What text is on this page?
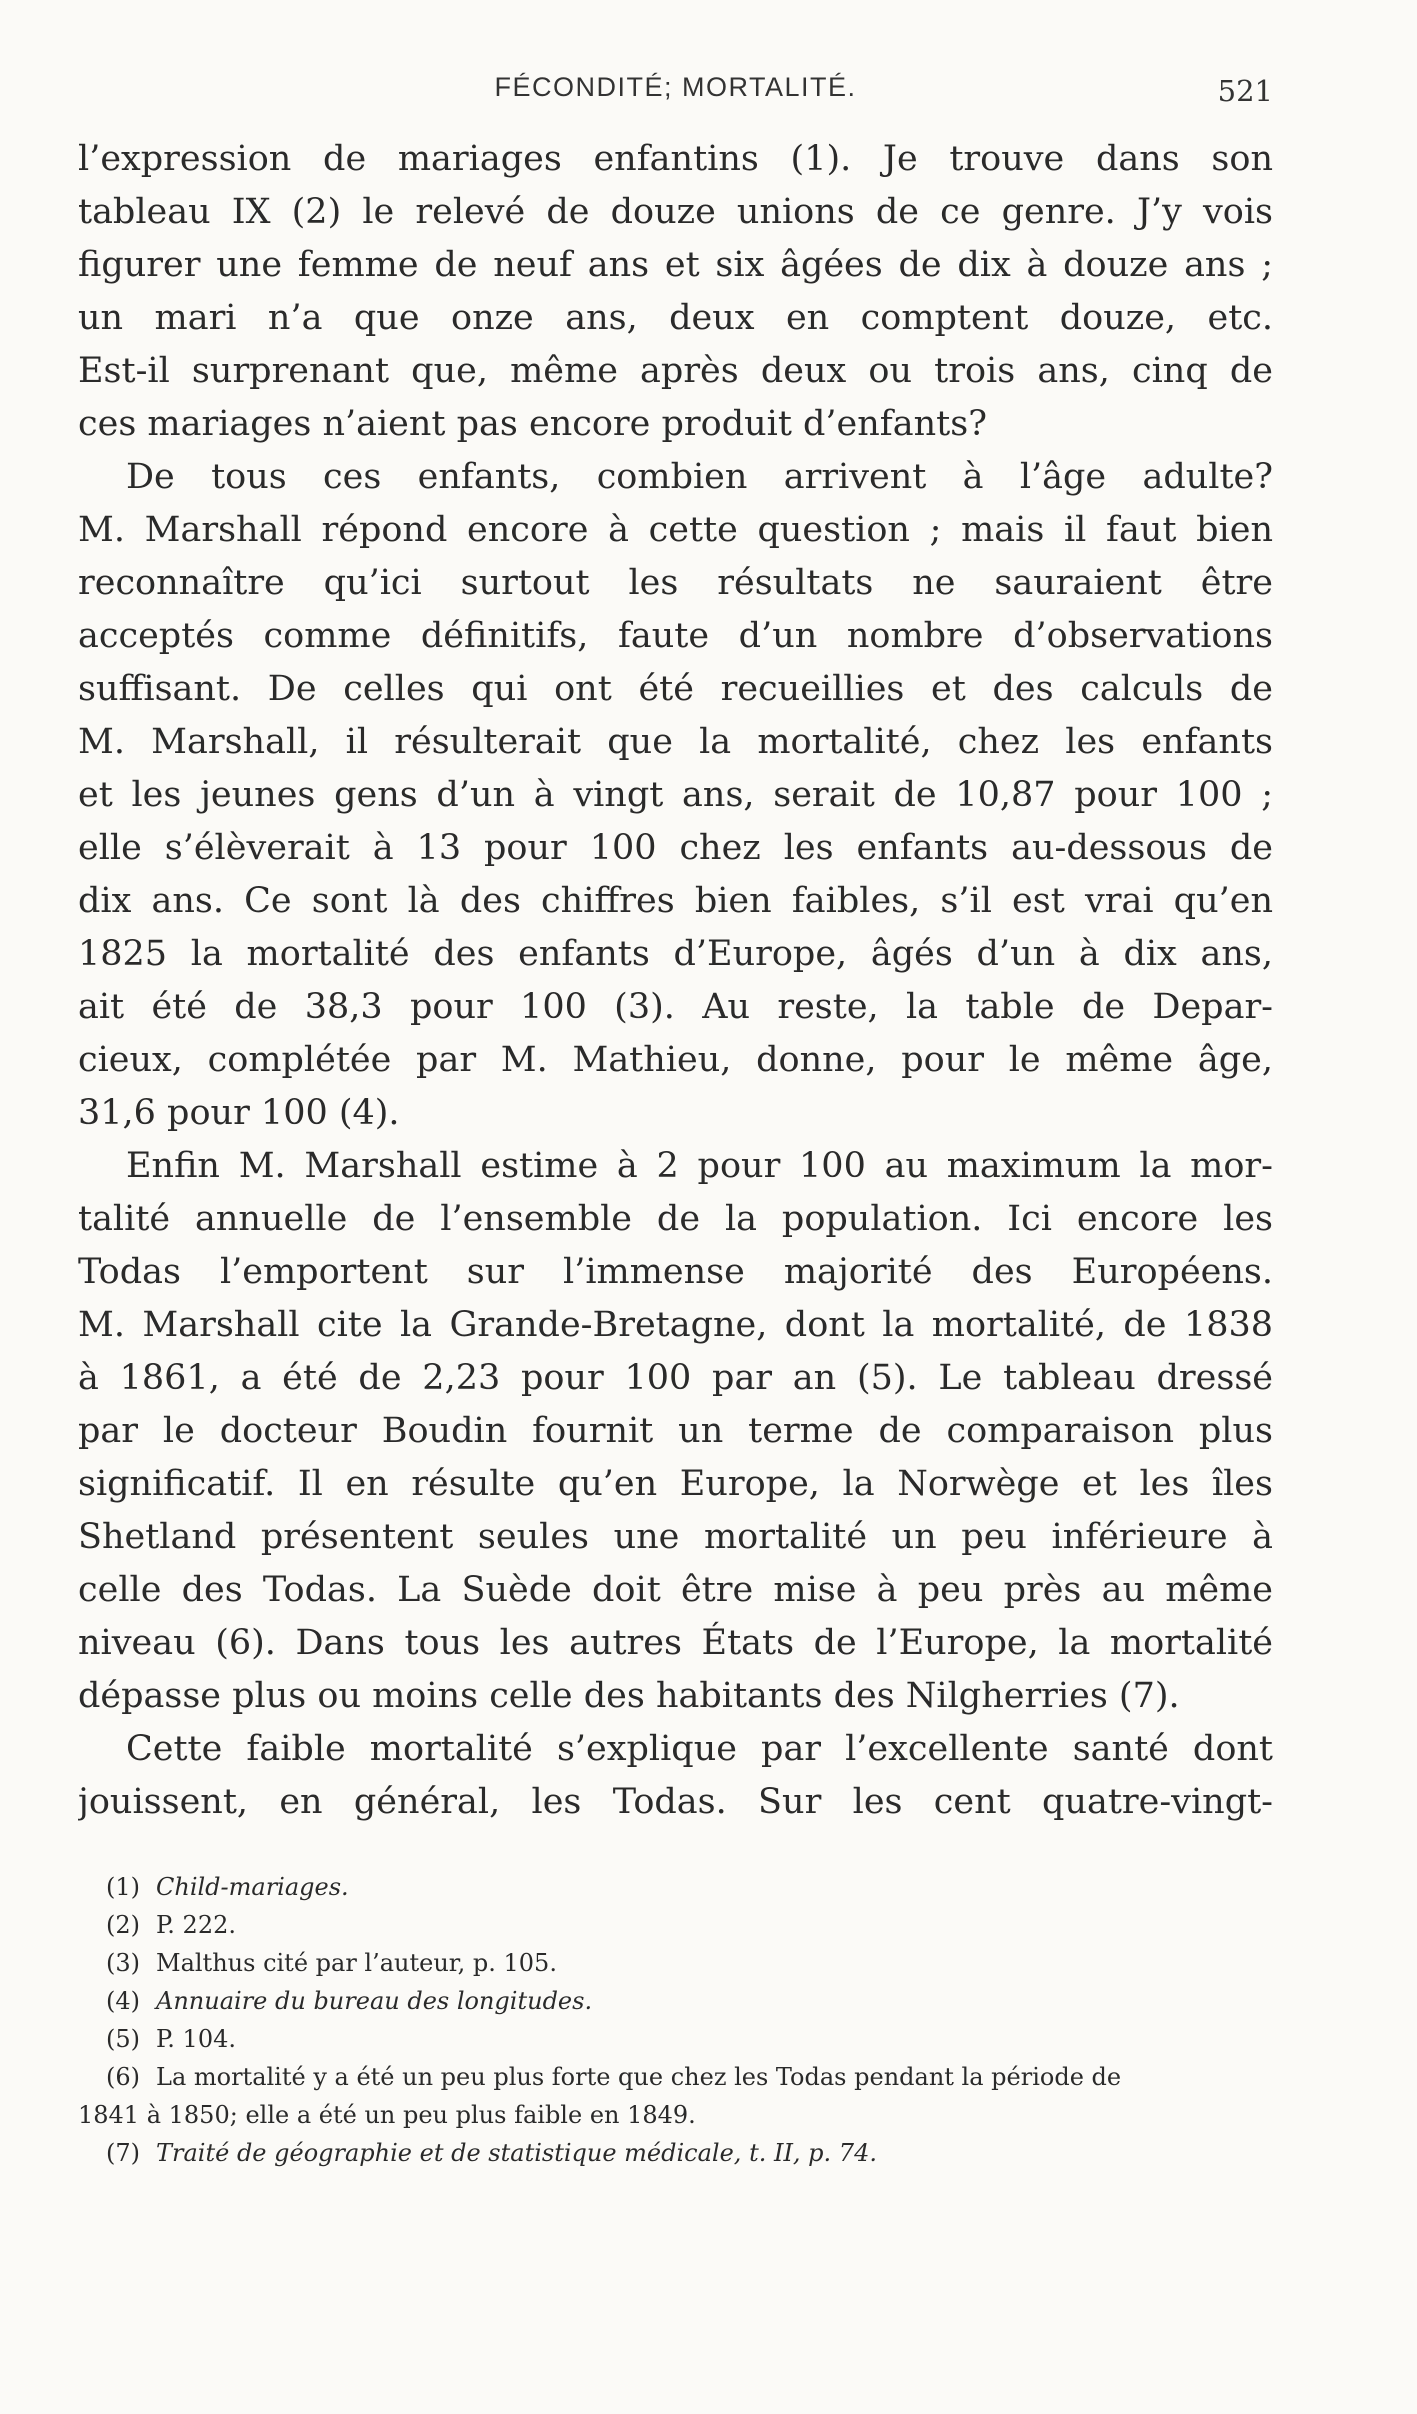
FÉCONDITÉ; MORTALITÉ.	521
l’expression de mariages enfantins (1). Je trouve dans son
tableau IX (2) le relevé de douze unions de ce genre. J’y vois
figurer une femme de neuf ans et six âgées de dix à douze ans ;
un mari n’a que onze ans, deux en comptent douze, etc.
Est-il surprenant que, même après deux ou trois ans, cinq de
ces mariages n’aient pas encore produit d’enfants?
De tous ces enfants, combien arrivent à l’âge adulte?
M. Marshall répond encore à cette question ; mais il faut bien
reconnaître qu’ici surtout les résultats ne sauraient être
acceptés comme définitifs, faute d’un nombre d’observations
suffisant. De celles qui ont été recueillies et des calculs de
M. Marshall, il résulterait que la mortalité, chez les enfants
et les jeunes gens d’un à vingt ans, serait de 10,87 pour 100 ;
elle s’élèverait à 13 pour 100 chez les enfants au-dessous de
dix ans. Ce sont là des chiffres bien faibles, s’il est vrai qu’en
1825 la mortalité des enfants d’Europe, âgés d’un à dix ans,
ait été de 38,3 pour 100 (3). Au reste, la table de Depar-
cieux, complétée par M. Mathieu, donne, pour le même âge,
31,6 pour 100 (4).
Enfin M. Marshall estime à 2 pour 100 au maximum la mor-
talité annuelle de l’ensemble de la population. Ici encore les
Todas l’emportent sur l’immense majorité des Européens.
M. Marshall cite la Grande-Bretagne, dont la mortalité, de 1838
à 1861, a été de 2,23 pour 100 par an (5). Le tableau dressé
par le docteur Boudin fournit un terme de comparaison plus
significatif. Il en résulte qu’en Europe, la Norwège et les îles
Shetland présentent seules une mortalité un peu inférieure à
celle des Todas. La Suède doit être mise à peu près au même
niveau (6). Dans tous les autres États de l’Europe, la mortalité
dépasse plus ou moins celle des habitants des Nilgherries (7).
Cette faible mortalité s’explique par l’excellente santé dont
jouissent, en général, les Todas. Sur les cent quatre-vingt-
(1) Child-mariages.
(2) P. 222.
(3) Malthus cité par l’auteur, p. 105.
(4) Annuaire du bureau des longitudes.
(5) P. 104.
(6) La mortalité y a été un peu plus forte que chez les Todas pendant la période de
1841 à 1850; elle a été un peu plus faible en 1849.
(7) Traité de géographie et de statistique médicale, t. II, p. 74.
